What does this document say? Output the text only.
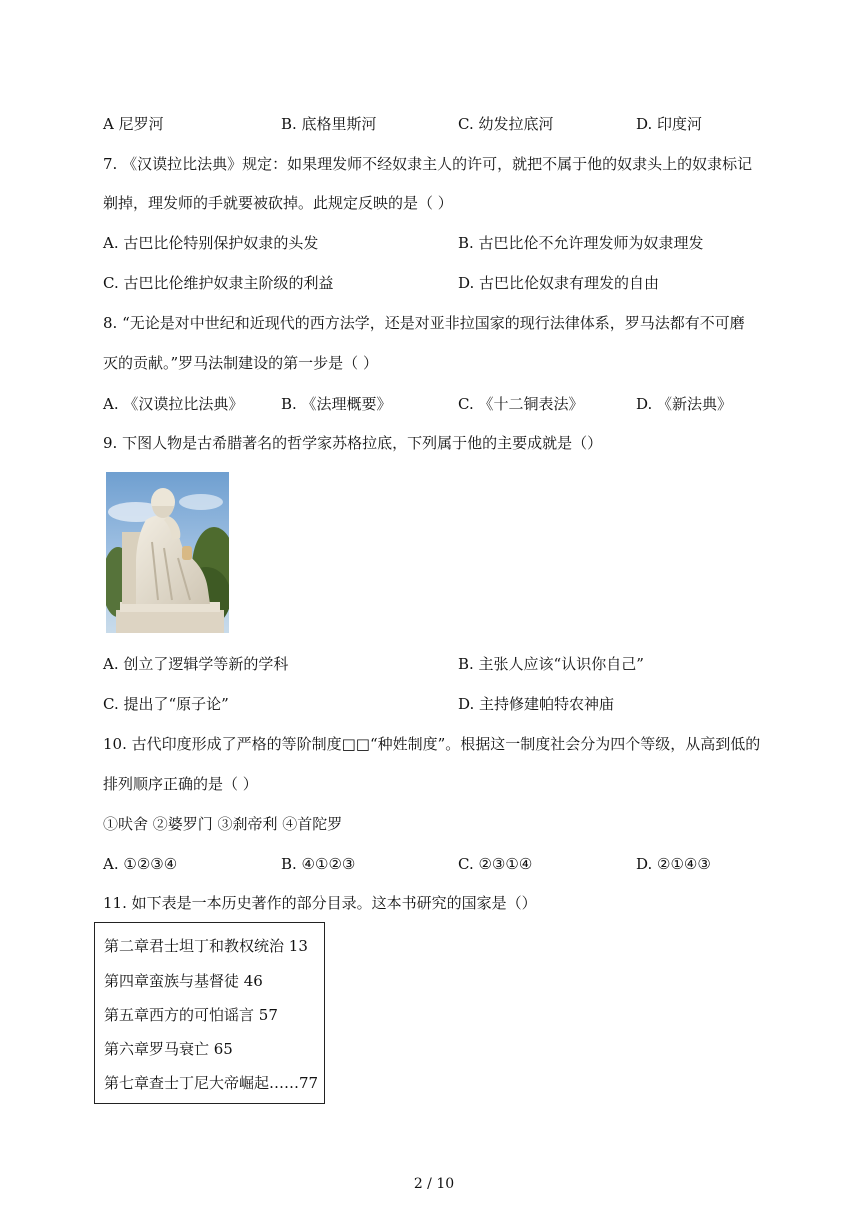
A 尼罗河	B. 底格里斯河	C. 幼发拉底河	D. 印度河
7. 《汉谟拉比法典》规定：如果理发师不经奴隶主人的许可，就把不属于他的奴隶头上的奴隶标记
剃掉，理发师的手就要被砍掉。此规定反映的是（ ）
A. 古巴比伦特别保护奴隶的头发	B. 古巴比伦不允许理发师为奴隶理发
C. 古巴比伦维护奴隶主阶级的利益	D. 古巴比伦奴隶有理发的自由
8. “无论是对中世纪和近现代的西方法学，还是对亚非拉国家的现行法律体系，罗马法都有不可磨
灭的贡献。”罗马法制建设的第一步是（ ）
A. 《汉谟拉比法典》	B. 《法理概要》	C. 《十二铜表法》	D. 《新法典》
9. 下图人物是古希腊著名的哲学家苏格拉底，下列属于他的主要成就是（）
A. 创立了逻辑学等新的学科	B. 主张人应该“认识你自己”
C. 提出了“原子论”	D. 主持修建帕特农神庙
10. 古代印度形成了严格的等阶制度□□“种姓制度”。根据这一制度社会分为四个等级，从高到低的
排列顺序正确的是（ ）
①吠舍 ②婆罗门 ③刹帝利 ④首陀罗
A. ①②③④	B. ④①②③	C. ②③①④	D. ②①④③
11. 如下表是一本历史著作的部分目录。这本书研究的国家是（）
第二章君士坦丁和教权统治 13
第四章蛮族与基督徒 46
第五章西方的可怕谣言 57
第六章罗马衰亡 65
第七章查士丁尼大帝崛起……77
2 / 10
